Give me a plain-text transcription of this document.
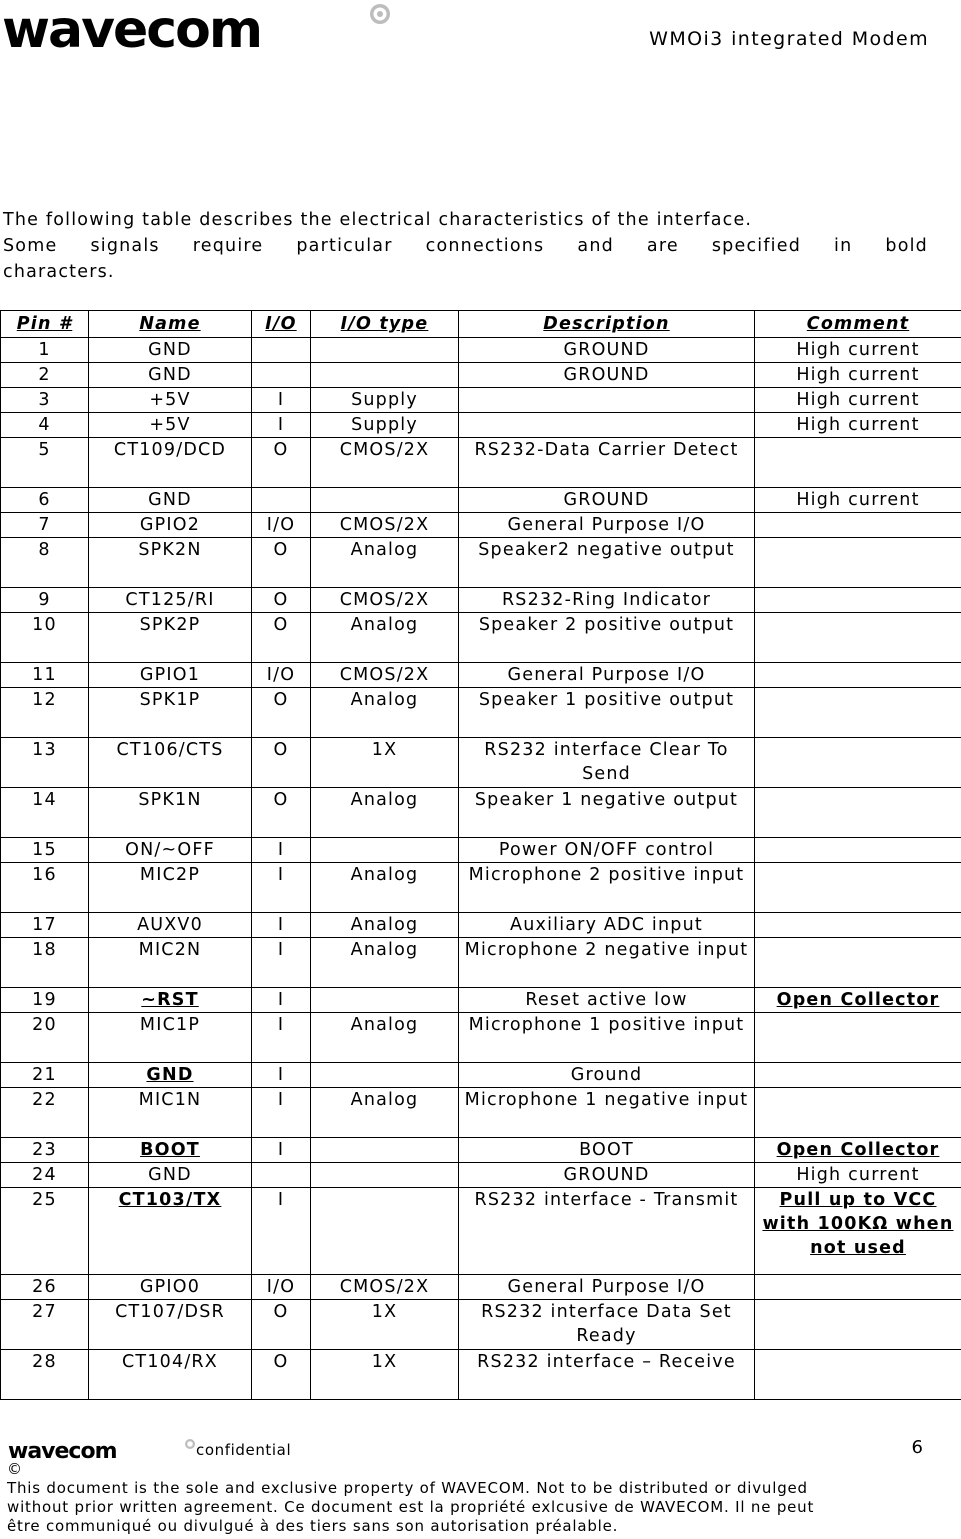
wavecom	WMOi3 integrated Modem

The following table describes the electrical characteristics of the interface.

Some signals require particular connections and are specified in bold

characters.

Pin #	Name	I/O	I/O type	Description	Comment
1	GND			GROUND	High current
2	GND			GROUND	High current
3	+5V	I	Supply		High current
4	+5V	I	Supply		High current
5	CT109/DCD	O	CMOS/2X	RS232-Data Carrier Detect	
6	GND			GROUND	High current
7	GPIO2	I/O	CMOS/2X	General Purpose I/O	
8	SPK2N	O	Analog	Speaker2 negative output	
9	CT125/RI	O	CMOS/2X	RS232-Ring Indicator	
10	SPK2P	O	Analog	Speaker 2 positive output	
11	GPIO1	I/O	CMOS/2X	General Purpose I/O	
12	SPK1P	O	Analog	Speaker 1 positive output	
13	CT106/CTS	O	1X	RS232 interface Clear To Send	
14	SPK1N	O	Analog	Speaker 1 negative output	
15	ON/~OFF	I		Power ON/OFF control	
16	MIC2P	I	Analog	Microphone 2 positive input	
17	AUXV0	I	Analog	Auxiliary ADC input	
18	MIC2N	I	Analog	Microphone 2 negative input	
19	~RST	I		Reset active low	Open Collector
20	MIC1P	I	Analog	Microphone 1 positive input	
21	GND	I		Ground	
22	MIC1N	I	Analog	Microphone 1 negative input	
23	BOOT	I		BOOT	Open Collector
24	GND			GROUND	High current
25	CT103/TX	I		RS232 interface - Transmit	Pull up to VCC with 100KΩ when not used
26	GPIO0	I/O	CMOS/2X	General Purpose I/O	
27	CT107/DSR	O	1X	RS232 interface Data Set Ready	
28	CT104/RX	O	1X	RS232 interface – Receive	
wavecom	confidential	6
©
This document is the sole and exclusive property of WAVECOM. Not to be distributed or divulged
without prior written agreement. Ce document est la propriété exlcusive de WAVECOM. Il ne peut
être communiqué ou divulgué à des tiers sans son autorisation préalable.
